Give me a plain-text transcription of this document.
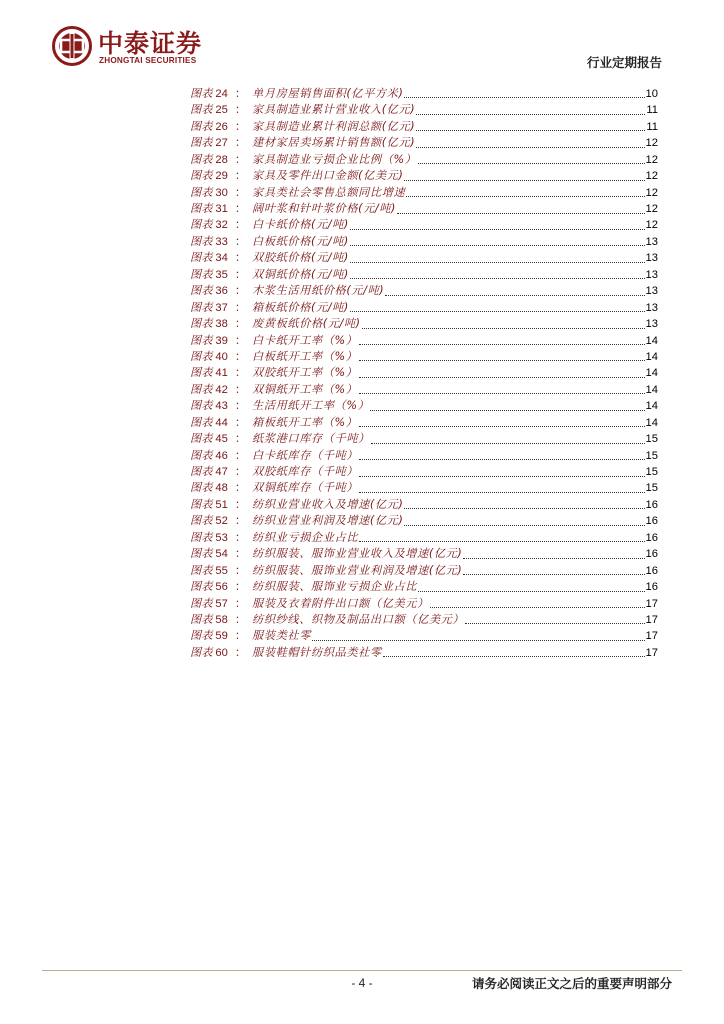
中泰证券
ZHONGTAI SECURITIES	行业定期报告
图表 24 ： 单月房屋销售面积(亿平方米)	10
图表 25 ： 家具制造业累计营业收入(亿元)	11
图表 26 ： 家具制造业累计利润总额(亿元)	11
图表 27 ： 建材家居卖场累计销售额(亿元)	12
图表 28 ： 家具制造业亏损企业比例（%）	12
图表 29 ： 家具及零件出口金额(亿美元)	12
图表 30 ： 家具类社会零售总额同比增速	12
图表 31 ： 阔叶浆和针叶浆价格(元/吨)	12
图表 32 ： 白卡纸价格(元/吨)	12
图表 33 ： 白板纸价格(元/吨)	13
图表 34 ： 双胶纸价格(元/吨)	13
图表 35 ： 双铜纸价格(元/吨)	13
图表 36 ： 木浆生活用纸价格(元/吨)	13
图表 37 ： 箱板纸价格(元/吨)	13
图表 38 ： 废黄板纸价格(元/吨)	13
图表 39 ： 白卡纸开工率（%）	14
图表 40 ： 白板纸开工率（%）	14
图表 41 ： 双胶纸开工率（%）	14
图表 42 ： 双铜纸开工率（%）	14
图表 43 ： 生活用纸开工率（%）	14
图表 44 ： 箱板纸开工率（%）	14
图表 45 ： 纸浆港口库存（千吨）	15
图表 46 ： 白卡纸库存（千吨）	15
图表 47 ： 双胶纸库存（千吨）	15
图表 48 ： 双铜纸库存（千吨）	15
图表 51 ： 纺织业营业收入及增速(亿元)	16
图表 52 ： 纺织业营业利润及增速(亿元)	16
图表 53 ： 纺织业亏损企业占比	16
图表 54 ： 纺织服装、服饰业营业收入及增速(亿元)	16
图表 55 ： 纺织服装、服饰业营业利润及增速(亿元)	16
图表 56 ： 纺织服装、服饰业亏损企业占比	16
图表 57 ： 服装及衣着附件出口额（亿美元）	17
图表 58 ： 纺织纱线、织物及制品出口额（亿美元）	17
图表 59 ： 服装类社零	17
图表 60 ： 服装鞋帽针纺织品类社零	17
- 4 -	请务必阅读正文之后的重要声明部分
